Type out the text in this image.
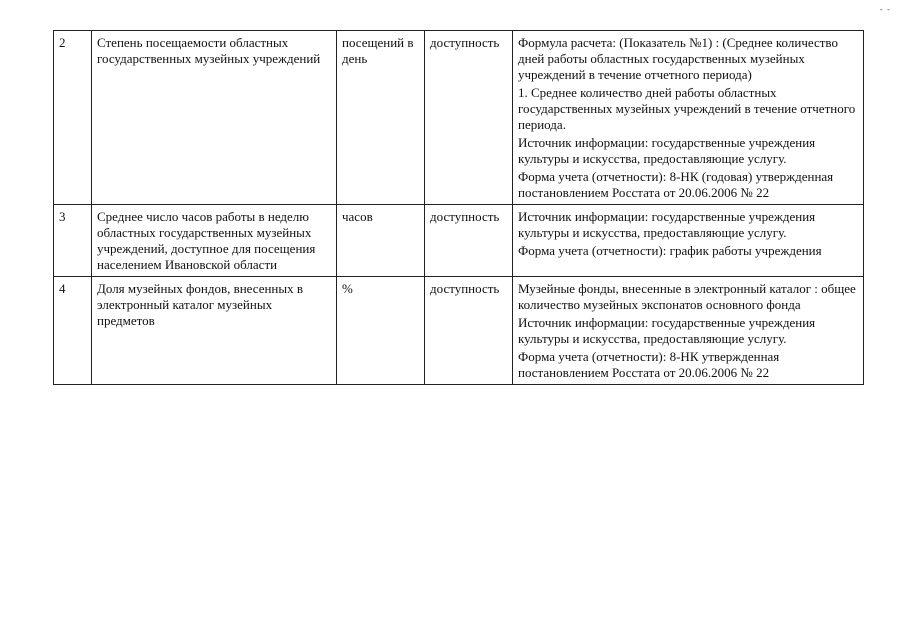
- -
2	Степень посещаемости областных государственных музейных учреждений	посещений в день	доступность	Формула расчета: (Показатель №1) : (Среднее количество дней работы областных государственных музейных учреждений в течение отчетного периода)

1. Среднее количество дней работы областных государственных музейных учреждений в течение отчетного периода.

Источник информации: государственные учреждения культуры и искусства, предоставляющие услугу.

Форма учета (отчетности): 8-НК (годовая) утвержденная постановлением Росстата от 20.06.2006 № 22

3	Среднее число часов работы в неделю областных государственных музейных учреждений, доступное для посещения населением Ивановской области	часов	доступность	Источник информации: государственные учреждения культуры и искусства, предоставляющие услугу.

Форма учета (отчетности): график работы учреждения

4	Доля музейных фондов, внесенных в электронный каталог музейных предметов	%	доступность	Музейные фонды, внесенные в электронный каталог : общее количество музейных экспонатов основного фонда

Источник информации: государственные учреждения культуры и искусства, предоставляющие услугу.

Форма учета (отчетности): 8-НК утвержденная постановлением Росстата от 20.06.2006 № 22
